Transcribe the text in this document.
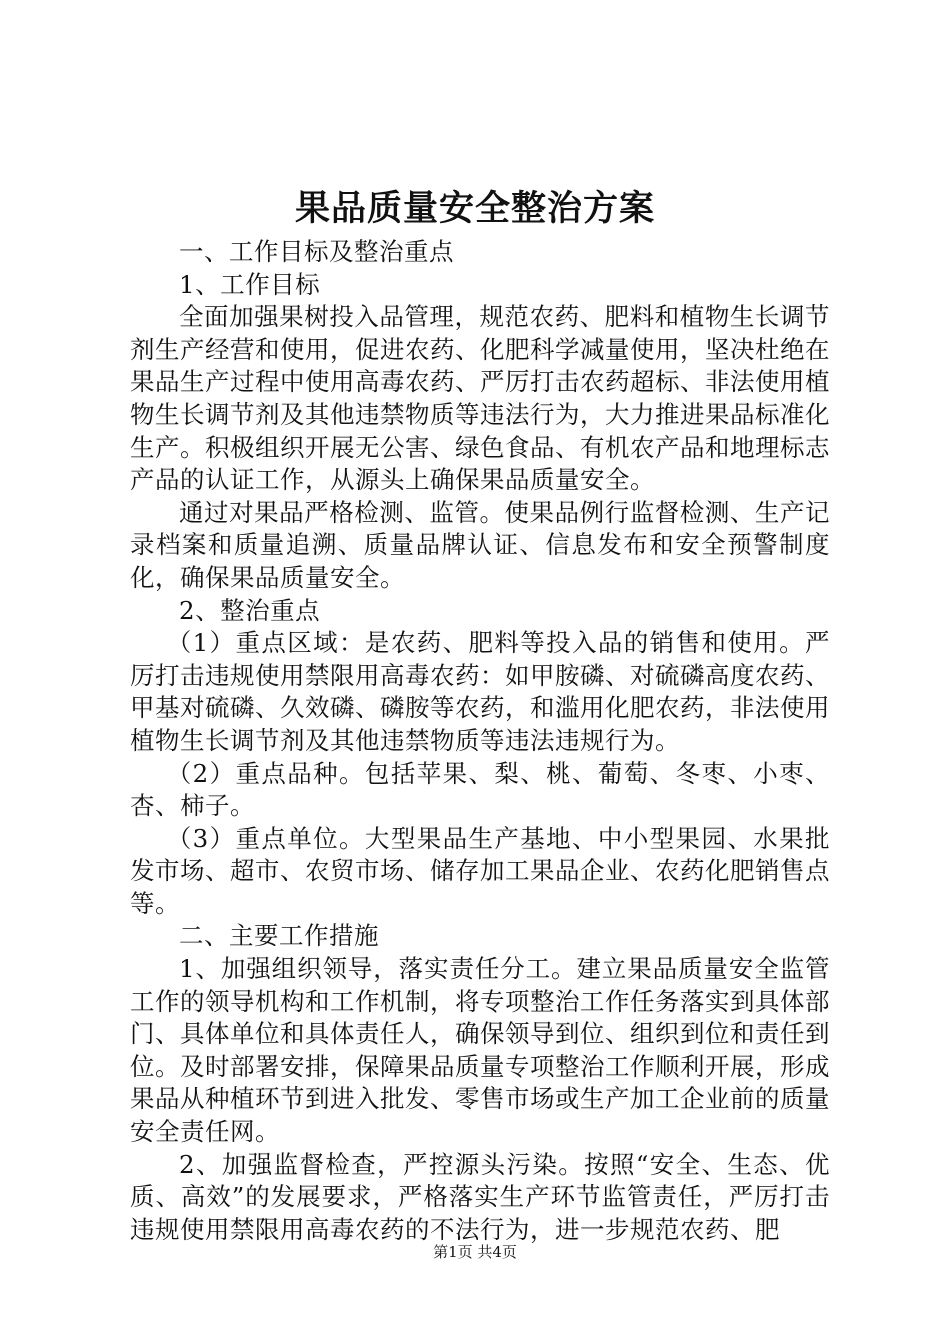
果品质量安全整治方案

一、工作目标及整治重点

1、工作目标

全面加强果树投入品管理，规范农药、肥料和植物生长调节剂生产经营和使用，促进农药、化肥科学减量使用，坚决杜绝在果品生产过程中使用高毒农药、严厉打击农药超标、非法使用植物生长调节剂及其他违禁物质等违法行为，大力推进果品标准化生产。积极组织开展无公害、绿色食品、有机农产品和地理标志产品的认证工作，从源头上确保果品质量安全。

通过对果品严格检测、监管。使果品例行监督检测、生产记录档案和质量追溯、质量品牌认证、信息发布和安全预警制度化，确保果品质量安全。

2、整治重点

（1）重点区域：是农药、肥料等投入品的销售和使用。严厉打击违规使用禁限用高毒农药：如甲胺磷、对硫磷高度农药、甲基对硫磷、久效磷、磷胺等农药，和滥用化肥农药，非法使用植物生长调节剂及其他违禁物质等违法违规行为。

（2）重点品种。包括苹果、梨、桃、葡萄、冬枣、小枣、杏、柿子。

（3）重点单位。大型果品生产基地、中小型果园、水果批发市场、超市、农贸市场、储存加工果品企业、农药化肥销售点等。

二、主要工作措施

1、加强组织领导，落实责任分工。建立果品质量安全监管工作的领导机构和工作机制，将专项整治工作任务落实到具体部门、具体单位和具体责任人，确保领导到位、组织到位和责任到位。及时部署安排，保障果品质量专项整治工作顺利开展，形成果品从种植环节到进入批发、零售市场或生产加工企业前的质量安全责任网。

2、加强监督检查，严控源头污染。按照“安全、生态、优质、高效”的发展要求，严格落实生产环节监管责任，严厉打击违规使用禁限用高毒农药的不法行为，进一步规范农药、肥

第1页 共4页
